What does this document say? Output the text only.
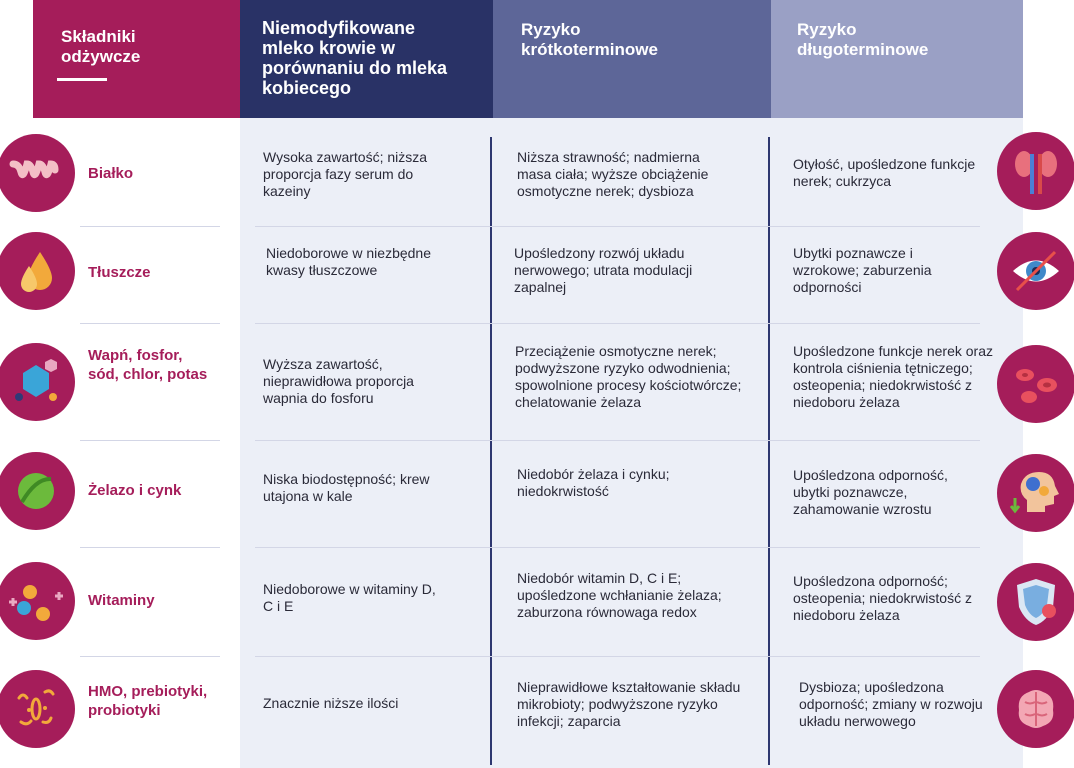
Składniki odżywcze
Niemodyfikowane mleko krowie w porównaniu do mleka kobiecego
Ryzyko krótkoterminowe
Ryzyko długoterminowe
Białko
Wysoka zawartość; niższa proporcja fazy serum do kazeiny
Niższa strawność; nadmierna masa ciała; wyższe obciążenie osmotyczne nerek; dysbioza
Otyłość, upośledzone funkcje nerek; cukrzyca
Tłuszcze
Niedoborowe w niezbędne kwasy tłuszczowe
Upośledzony rozwój układu nerwowego; utrata modulacji zapalnej
Ubytki poznawcze i wzrokowe; zaburzenia odporności
Wapń, fosfor, sód, chlor, potas
Wyższa zawartość, nieprawidłowa proporcja wapnia do fosforu
Przeciążenie osmotyczne nerek; podwyższone ryzyko odwodnienia; spowolnione procesy kościotwórcze; chelatowanie żelaza
Upośledzone funkcje nerek oraz kontrola ciśnienia tętniczego; osteopenia; niedokrwistość z niedoboru żelaza
Żelazo i cynk
Niska biodostępność; krew utajona w kale
Niedobór żelaza i cynku; niedokrwistość
Upośledzona odporność, ubytki poznawcze, zahamowanie wzrostu
Witaminy
Niedoborowe w witaminy D, C i E
Niedobór witamin D, C i E; upośledzone wchłanianie żelaza; zaburzona równowaga redox
Upośledzona odporność; osteopenia; niedokrwistość z niedoboru żelaza
HMO, prebiotyki, probiotyki	Znacznie niższe ilości
Nieprawidłowe kształtowanie składu mikrobioty; podwyższone ryzyko infekcji; zaparcia
Dysbioza; upośledzona odporność; zmiany w rozwoju układu nerwowego
